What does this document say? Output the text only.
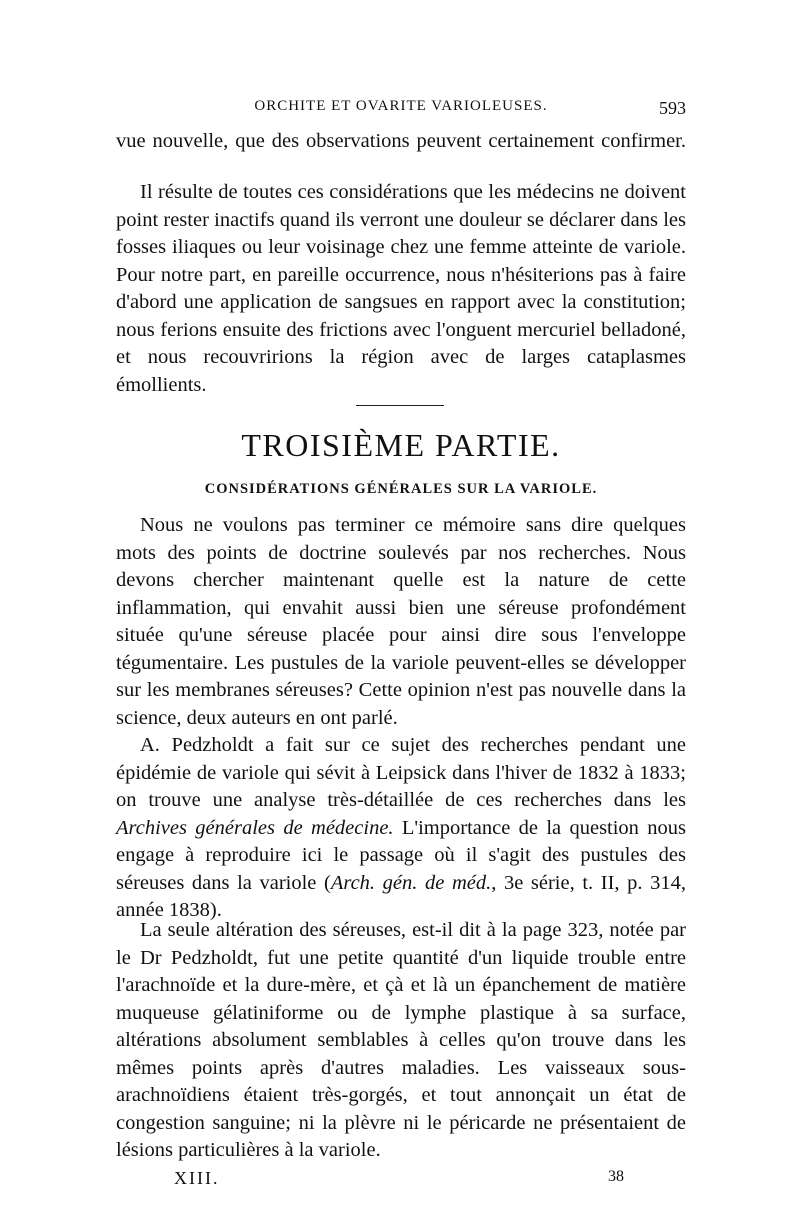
ORCHITE ET OVARITE VARIOLEUSES.	593

vue nouvelle, que des observations peuvent certainement confirmer.

Il résulte de toutes ces considérations que les médecins ne doivent point rester inactifs quand ils verront une douleur se déclarer dans les fosses iliaques ou leur voisinage chez une femme atteinte de variole. Pour notre part, en pareille occurrence, nous n'hésiterions pas à faire d'abord une application de sangsues en rapport avec la constitution; nous ferions ensuite des frictions avec l'onguent mercuriel belladoné, et nous recouvririons la région avec de larges cataplasmes émollients.

TROISIÈME PARTIE.
CONSIDÉRATIONS GÉNÉRALES SUR LA VARIOLE.

Nous ne voulons pas terminer ce mémoire sans dire quelques mots des points de doctrine soulevés par nos recherches. Nous devons chercher maintenant quelle est la nature de cette inflammation, qui envahit aussi bien une séreuse profondément située qu'une séreuse placée pour ainsi dire sous l'enveloppe tégumentaire. Les pustules de la variole peuvent-elles se développer sur les membranes séreuses? Cette opinion n'est pas nouvelle dans la science, deux auteurs en ont parlé.

A. Pedzholdt a fait sur ce sujet des recherches pendant une épidémie de variole qui sévit à Leipsick dans l'hiver de 1832 à 1833; on trouve une analyse très-détaillée de ces recherches dans les Archives générales de médecine. L'importance de la question nous engage à reproduire ici le passage où il s'agit des pustules des séreuses dans la variole (Arch. gén. de méd., 3e série, t. II, p. 314, année 1838).

La seule altération des séreuses, est-il dit à la page 323, notée par le Dr Pedzholdt, fut une petite quantité d'un liquide trouble entre l'arachnoïde et la dure-mère, et çà et là un épanchement de matière muqueuse gélatiniforme ou de lymphe plastique à sa surface, altérations absolument semblables à celles qu'on trouve dans les mêmes points après d'autres maladies. Les vaisseaux sous-arachnoïdiens étaient très-gorgés, et tout annonçait un état de congestion sanguine; ni la plèvre ni le péricarde ne présentaient de lésions particulières à la variole.

XIII.	38
